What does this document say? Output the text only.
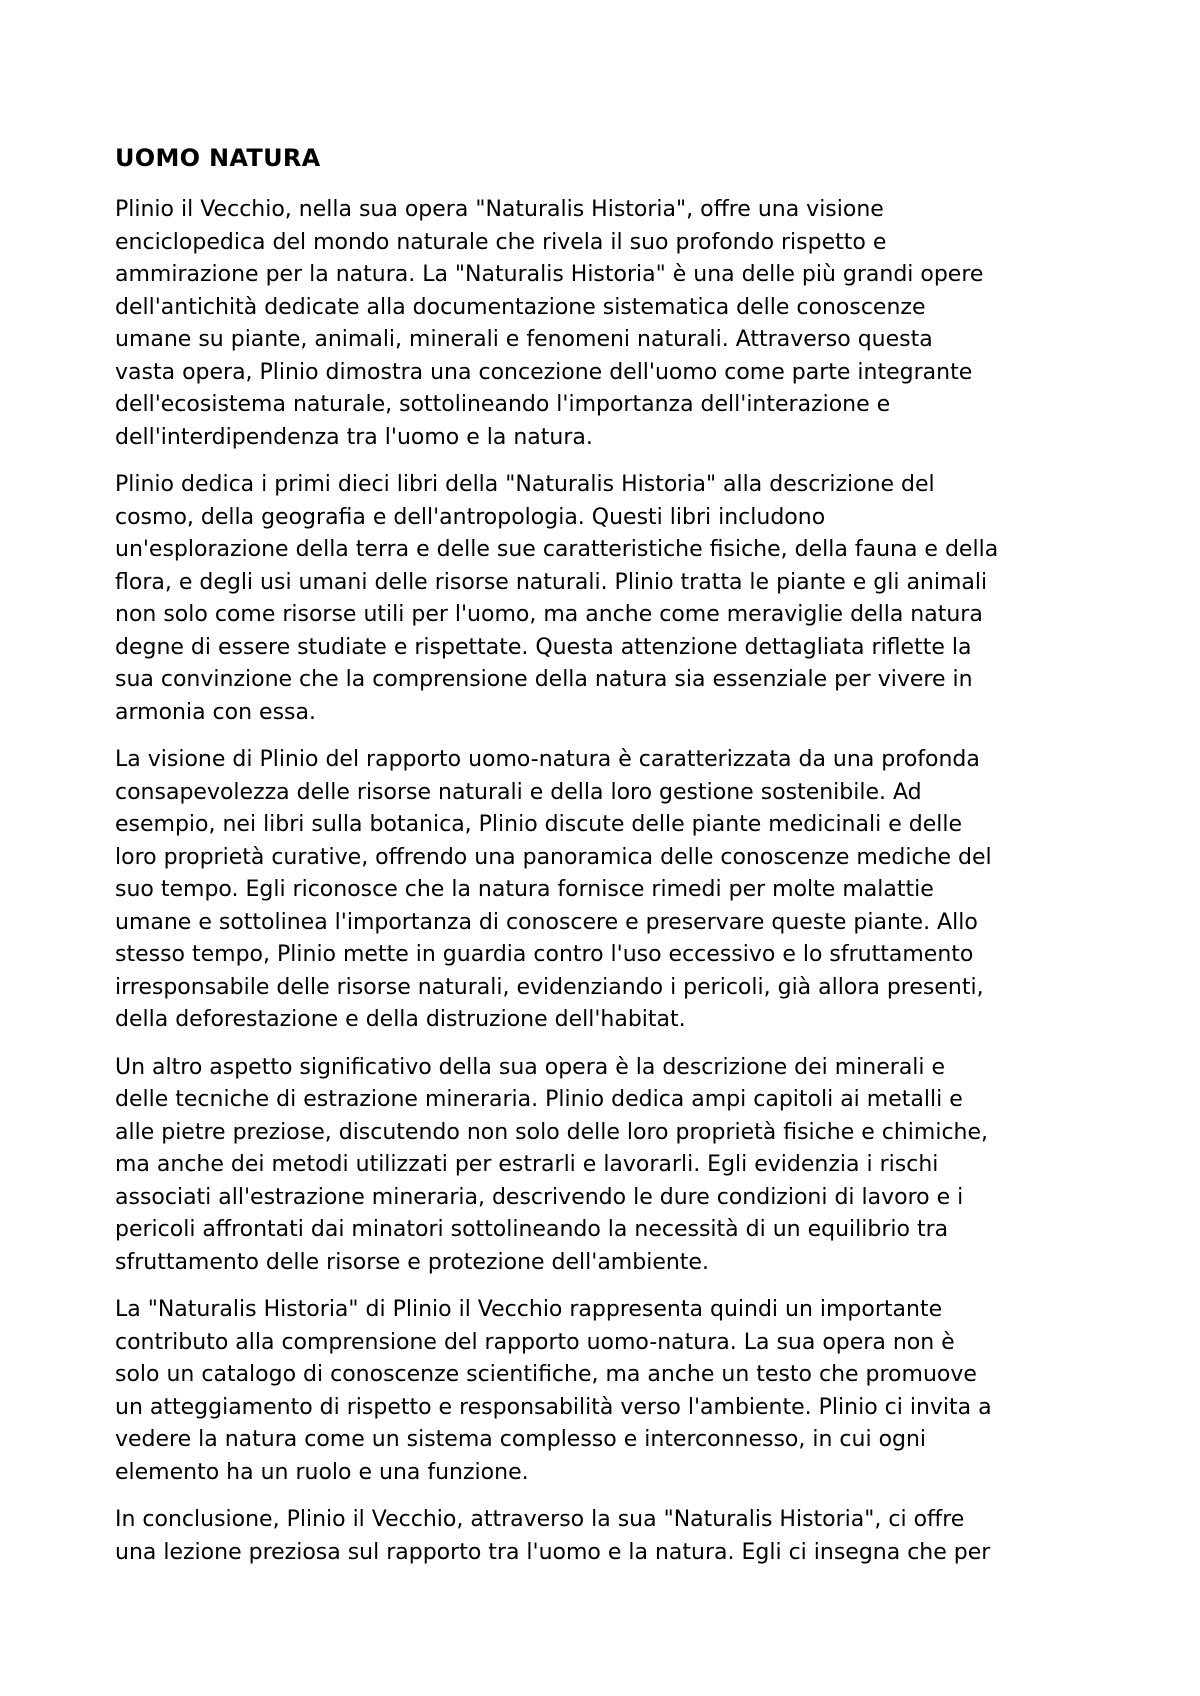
UOMO NATURA

Plinio il Vecchio, nella sua opera "Naturalis Historia", offre una visione
enciclopedica del mondo naturale che rivela il suo profondo rispetto e
ammirazione per la natura. La "Naturalis Historia" è una delle più grandi opere
dell'antichità dedicate alla documentazione sistematica delle conoscenze
umane su piante, animali, minerali e fenomeni naturali. Attraverso questa
vasta opera, Plinio dimostra una concezione dell'uomo come parte integrante
dell'ecosistema naturale, sottolineando l'importanza dell'interazione e
dell'interdipendenza tra l'uomo e la natura.

Plinio dedica i primi dieci libri della "Naturalis Historia" alla descrizione del
cosmo, della geografia e dell'antropologia. Questi libri includono
un'esplorazione della terra e delle sue caratteristiche fisiche, della fauna e della
flora, e degli usi umani delle risorse naturali. Plinio tratta le piante e gli animali
non solo come risorse utili per l'uomo, ma anche come meraviglie della natura
degne di essere studiate e rispettate. Questa attenzione dettagliata riflette la
sua convinzione che la comprensione della natura sia essenziale per vivere in
armonia con essa.

La visione di Plinio del rapporto uomo-natura è caratterizzata da una profonda
consapevolezza delle risorse naturali e della loro gestione sostenibile. Ad
esempio, nei libri sulla botanica, Plinio discute delle piante medicinali e delle
loro proprietà curative, offrendo una panoramica delle conoscenze mediche del
suo tempo. Egli riconosce che la natura fornisce rimedi per molte malattie
umane e sottolinea l'importanza di conoscere e preservare queste piante. Allo
stesso tempo, Plinio mette in guardia contro l'uso eccessivo e lo sfruttamento
irresponsabile delle risorse naturali, evidenziando i pericoli, già allora presenti,
della deforestazione e della distruzione dell'habitat.

Un altro aspetto significativo della sua opera è la descrizione dei minerali e
delle tecniche di estrazione mineraria. Plinio dedica ampi capitoli ai metalli e
alle pietre preziose, discutendo non solo delle loro proprietà fisiche e chimiche,
ma anche dei metodi utilizzati per estrarli e lavorarli. Egli evidenzia i rischi
associati all'estrazione mineraria, descrivendo le dure condizioni di lavoro e i
pericoli affrontati dai minatori sottolineando la necessità di un equilibrio tra
sfruttamento delle risorse e protezione dell'ambiente.

La "Naturalis Historia" di Plinio il Vecchio rappresenta quindi un importante
contributo alla comprensione del rapporto uomo-natura. La sua opera non è
solo un catalogo di conoscenze scientifiche, ma anche un testo che promuove
un atteggiamento di rispetto e responsabilità verso l'ambiente. Plinio ci invita a
vedere la natura come un sistema complesso e interconnesso, in cui ogni
elemento ha un ruolo e una funzione.

In conclusione, Plinio il Vecchio, attraverso la sua "Naturalis Historia", ci offre
una lezione preziosa sul rapporto tra l'uomo e la natura. Egli ci insegna che per
